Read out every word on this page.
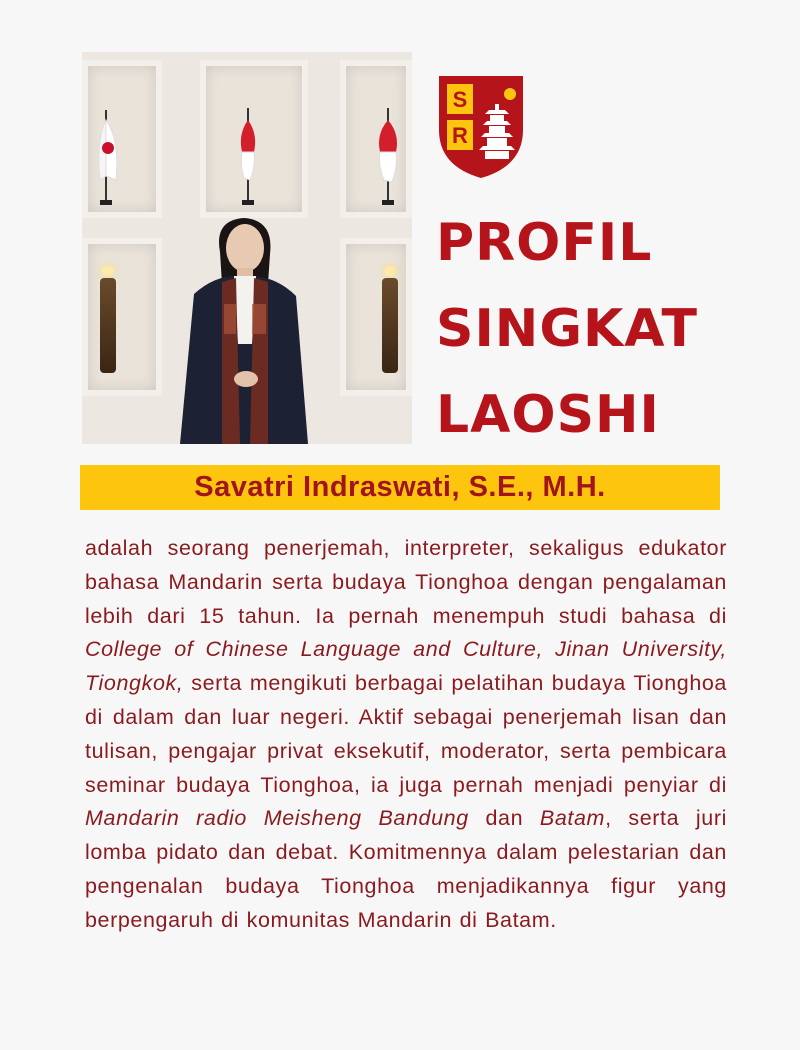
S
R
PROFIL
SINGKAT
LAOSHI
Savatri Indraswati, S.E., M.H.
adalah seorang penerjemah, interpreter, sekaligus edukator bahasa Mandarin serta budaya Tionghoa dengan pengalaman lebih dari 15 tahun. Ia pernah menempuh studi bahasa di College of Chinese Language and Culture, Jinan University, Tiongkok, serta mengikuti berbagai pelatihan budaya Tionghoa di dalam dan luar negeri. Aktif sebagai penerjemah lisan dan tulisan, pengajar privat eksekutif, moderator, serta pembicara seminar budaya Tionghoa, ia juga pernah menjadi penyiar di Mandarin radio Meisheng Bandung dan Batam, serta juri lomba pidato dan debat. Komitmennya dalam pelestarian dan pengenalan budaya Tionghoa menjadikannya figur yang berpengaruh di komunitas Mandarin di Batam.
